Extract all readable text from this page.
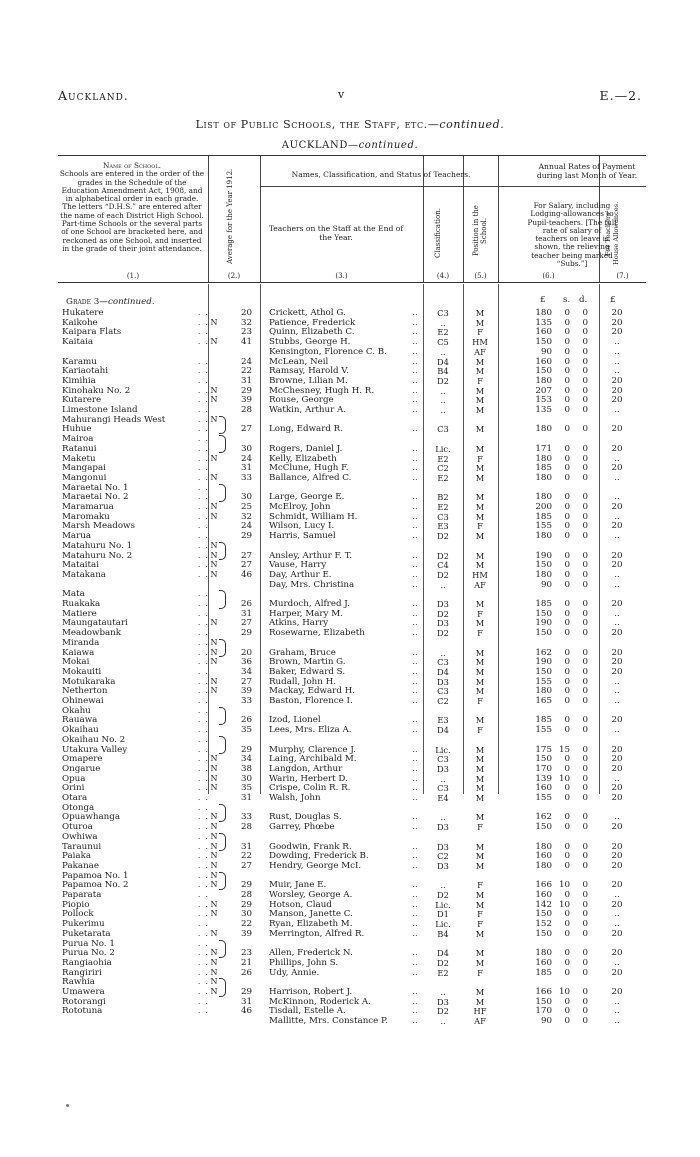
Auckland.	v	E.—2.
List of Public Schools, the Staff, etc.—continued.
AUCKLAND—continued.
Name of School.
Schools are entered in the order of the grades in the Schedule of the Education Amendment Act, 1908, and in alphabetical order in each grade. The letters “D.H.S.” are entered after the name of each District High School. Part-time Schools or the several parts of one School are bracketed here, and reckoned as one School, and inserted in the grade of their joint attendance.	Average for the Year 1912.	Names, Classification, and Status of Teachers.
Teachers on the Staff at the End of the Year.	Classification.	Position in the School.
Annual Rates of Payment during last Month of Year.
For Salary, including Lodging-allowances to Pupil-teachers. [The full rate of salary of teachers on leave is shown, the relieving teacher being marked “Subs.”]
For Teachers' House Allowances.
(1.)	(2.)	(3.)	(4.)	(5.)	(6.)	(7.)
Grade 3—continued.	£ s. d.	£
Hukatere	. .	20 Crickett, Athol G.	..	C3	M	180 0 0	20
Kaikohe	. . N	32 Patience, Frederick	..	..	M	135 0 0	20
Kaipara Flats	. .	23 Quinn, Elizabeth C.	..	E2	F	160 0 0	20
Kaitaia	. . N	41 Stubbs, George H.	..	C5	HM	150 0 0	..
Kensington, Florence C. B.	..	..	AF	90 0 0	..
Karamu	. .	24 McLean, Neil	..	D4	M	160 0 0	..
Kariaotahi	. .	22 Ramsay, Harold V.	..	B4	M	150 0 0	..
Kimihia	. .	31 Browne, Lilian M.	..	D2	F	180 0 0	20
Kinohaku No. 2	. . N	29 McChesney, Hugh H. R.	..	..	M	207 0 0	20
Kutarere	. . N	39 Rouse, George	..	..	M	153 0 0	20
Limestone Island	. .	28 Watkin, Arthur A.	..	..	M	135 0 0	..
Mahurangi Heads West	. . N
Huhue	. .	27 Long, Edward R.	..	C3	M	180 0 0	20
Mairoa	. .
Ratanui	. .	30 Rogers, Daniel J.	..	Lic.	M	171 0 0	20
Maketu	. . N	24 Kelly, Elizabeth	..	E2	F	180 0 0	..
Mangapai	. .	31 McClune, Hugh F.	..	C2	M	185 0 0	20
Mangonui	. . N	33 Ballance, Alfred C.	..	E2	M	180 0 0	..
Maraetai No. 1	. .
Maraetai No. 2	. .	30 Large, George E.	..	B2	M	180 0 0	..
Maramarua	. . N	25 McElroy, John	..	E2	M	200 0 0	20
Maromaku	. . N	32 Schmidt, William H.	..	C3	M	185 0 0	..
Marsh Meadows	. .	24 Wilson, Lucy I.	..	E3	F	155 0 0	20
Marua	. .	29 Harris, Samuel	..	D2	M	180 0 0	..
Matahuru No. 1	. . N
Matahuru No. 2	. . N	27 Ansley, Arthur F. T.	..	D2	M	190 0 0	20
Mataitai	. . N	27 Vause, Harry	..	C4	M	150 0 0	20
Matakana	. . N	46 Day, Arthur E.	..	D2	HM	180 0 0	..
Day, Mrs. Christina	..	..	AF	90 0 0	..
Mata	. .
Ruakaka	. .	26 Murdoch, Alfred J.	..	D3	M	185 0 0	20
Matiere	. .	31 Harper, Mary M.	..	D2	F	150 0 0	..
Maungatautari	. . N	27 Atkins, Harry	..	D3	M	190 0 0	..
Meadowbank	. .	29 Rosewarne, Elizabeth	..	D2	F	150 0 0	20
Miranda	. . N
Kaiawa	. . N	20 Graham, Bruce	..	..	M	162 0 0	20
Mokai	. . N	36 Brown, Martin G.	..	C3	M	190 0 0	20
Mokauiti	. .	34 Baker, Edward S.	..	D4	M	150 0 0	20
Motukaraka	. . N	27 Rudall, John H.	..	D3	M	155 0 0	..
Netherton	. . N	39 Mackay, Edward H.	..	C3	M	180 0 0	..
Ohinewai	. .	33 Baston, Florence I.	..	C2	F	165 0 0	..
Okahu	. .
Rauawa	. .	26 Izod, Lionel	..	E3	M	185 0 0	20
Okaihau	. .	35 Lees, Mrs. Eliza A.	..	D4	F	155 0 0	..
Okaihau No. 2	. .
Utakura Valley	. .	29 Murphy, Clarence J.	..	Lic.	M	175 15 0	20
Omapere	. . N	34 Laing, Archibald M.	..	C3	M	150 0 0	20
Ongarue	. . N	38 Langdon, Arthur	..	D3	M	170 0 0	20
Opua	. . N	30 Warin, Herbert D.	..	..	M	139 10 0	..
Orini	. . N	35 Crispe, Colin R. R.	..	C3	M	160 0 0	20
Otara	. .	31 Walsh, John	..	E4	M	155 0 0	20
Otonga	. .
Opuawhanga	. . N	33 Rust, Douglas S.	..	..	M	162 0 0	..
Oturoa	. . N	28 Garrey, Phœbe	..	D3	F	150 0 0	20
Owhiwa	. . N
Taraunui	. . N	31 Goodwin, Frank R.	..	D3	M	180 0 0	20
Paiaka	. . N	22 Dowding, Frederick B.	..	C2	M	160 0 0	20
Pakanae	. . N	27 Hendry, George McI.	..	D3	M	180 0 0	20
Papamoa No. 1	. . N
Papamoa No. 2	. . N	29 Muir, Jane E.	..	..	F	166 10 0	20
Paparata	. .	28 Worsley, George A.	..	D2	M	160 0 0	..
Piopio	. . N	29 Hotson, Claud	..	Lic.	M	142 10 0	20
Pollock	. . N	30 Manson, Janette C.	..	D1	F	150 0 0	..
Pukerimu	. .	22 Ryan, Elizabeth M.	..	Lic.	F	152 0 0	..
Puketarata	. . N	39 Merrington, Alfred R.	..	B4	M	150 0 0	20
Purua No. 1	. .
Purua No. 2	. . N	23 Allen, Frederick N.	..	D4	M	180 0 0	20
Rangiaohia	. . N	21 Phillips, John S.	..	D2	M	160 0 0	..
Rangiriri	. . N	26 Udy, Annie.	..	E2	F	185 0 0	20
Rawhia	. . N
Umawera	. . N	29 Harrison, Robert J.	..	..	M	166 10 0	20
Rotorangi	. .	31 McKinnon, Roderick A.	..	D3	M	150 0 0	..
Rototuna	. .	46 Tisdall, Estelle A.	..	D2	HF	170 0 0	..
Mallitte, Mrs. Constance P.	..	..	AF	90 0 0	..
